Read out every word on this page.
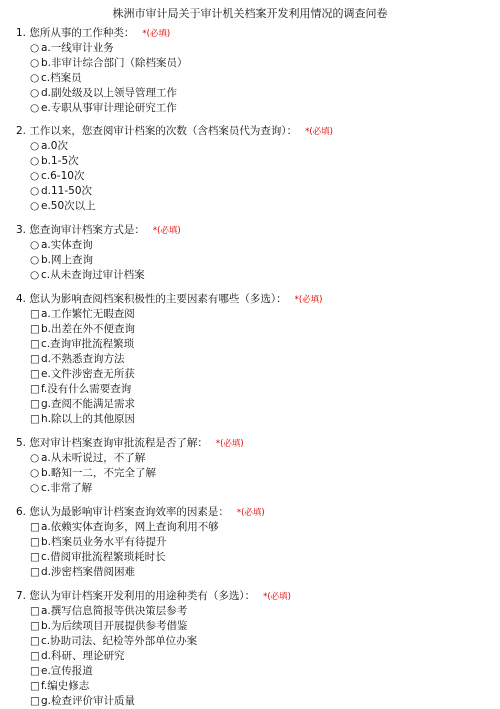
株洲市审计局关于审计机关档案开发利用情况的调查问卷
1. 您所从事的工作种类： *(必填)
○ a.一线审计业务
○ b.非审计综合部门（除档案员）
○ c.档案员
○ d.副处级及以上领导管理工作
○ e.专职从事审计理论研究工作
2. 工作以来，您查阅审计档案的次数（含档案员代为查询）： *(必填)
○ a.0次
○ b.1-5次
○ c.6-10次
○ d.11-50次
○ e.50次以上
3. 您查询审计档案方式是： *(必填)
○ a.实体查询
○ b.网上查询
○ c.从未查询过审计档案
4. 您认为影响查阅档案积极性的主要因素有哪些（多选）： *(必填)
□a.工作繁忙无暇查阅
□b.出差在外不便查询
□c.查询审批流程繁琐
□d.不熟悉查询方法
□e.文件涉密查无所获
□f.没有什么需要查询
□g.查阅不能满足需求
□h.除以上的其他原因
5. 您对审计档案查询审批流程是否了解： *(必填)
○ a.从未听说过，不了解
○ b.略知一二，不完全了解
○ c.非常了解
6. 您认为最影响审计档案查询效率的因素是： *(必填)
□a.依赖实体查询多，网上查询利用不够
□b.档案员业务水平有待提升
□c.借阅审批流程繁琐耗时长
□d.涉密档案借阅困难
7. 您认为审计档案开发利用的用途种类有（多选）： *(必填)
□a.撰写信息简报等供决策层参考
□b.为后续项目开展提供参考借鉴
□c.协助司法、纪检等外部单位办案
□d.科研、理论研究
□e.宣传报道
□f.编史修志
□g.检查评价审计质量
